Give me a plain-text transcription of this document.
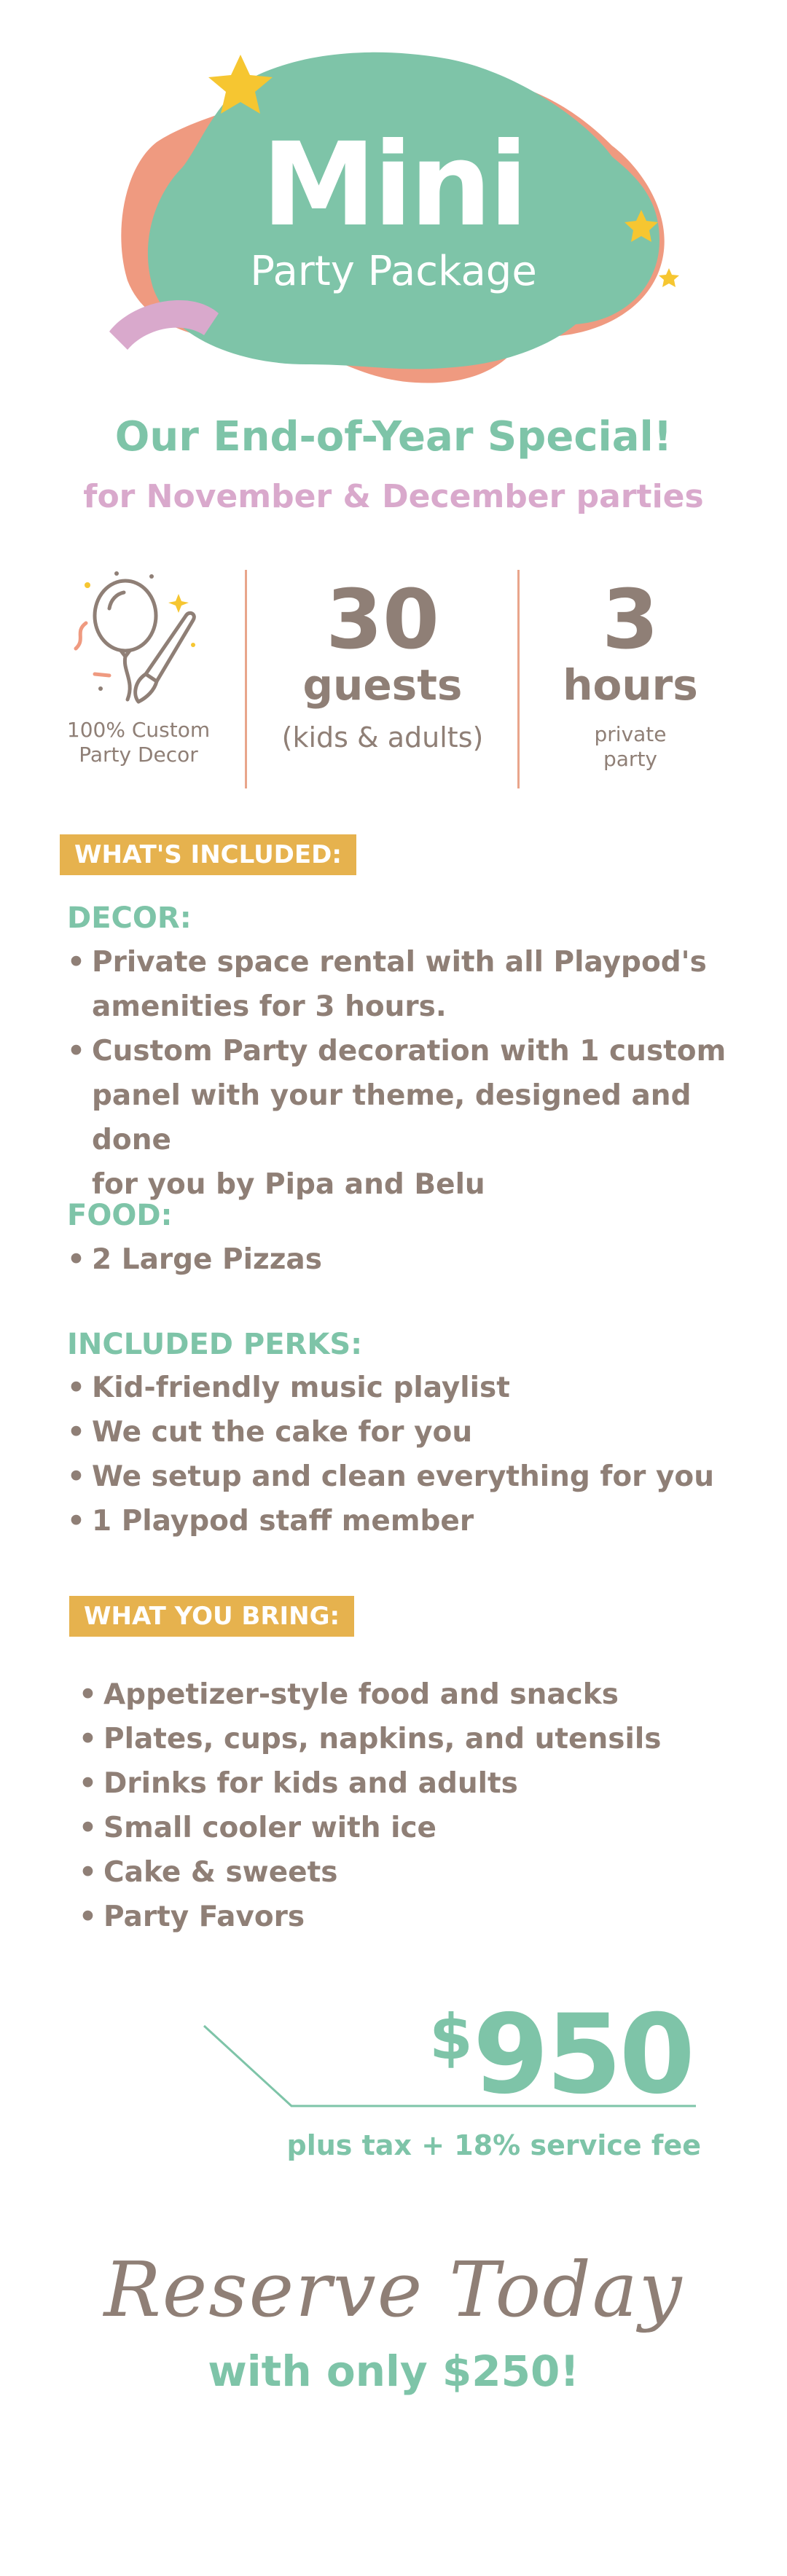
Mini
Party Package
Our End-of-Year Special!
for November & December parties
100% Custom
Party Decor
30
guests
(kids & adults)
3
hours
private
party
WHAT'S INCLUDED:
DECOR:
• Private space rental with all Playpod's
amenities for 3 hours.
• Custom Party decoration with 1 custom
panel with your theme, designed and done
for you by Pipa and Belu
FOOD:
• 2 Large Pizzas
INCLUDED PERKS:
• Kid-friendly music playlist
• We cut the cake for you
• We setup and clean everything for you
• 1 Playpod staff member
WHAT YOU BRING:
• Appetizer-style food and snacks
• Plates, cups, napkins, and utensils
• Drinks for kids and adults
• Small cooler with ice
• Cake & sweets
• Party Favors
$950
plus tax + 18% service fee
Reserve Today
with only $250!
